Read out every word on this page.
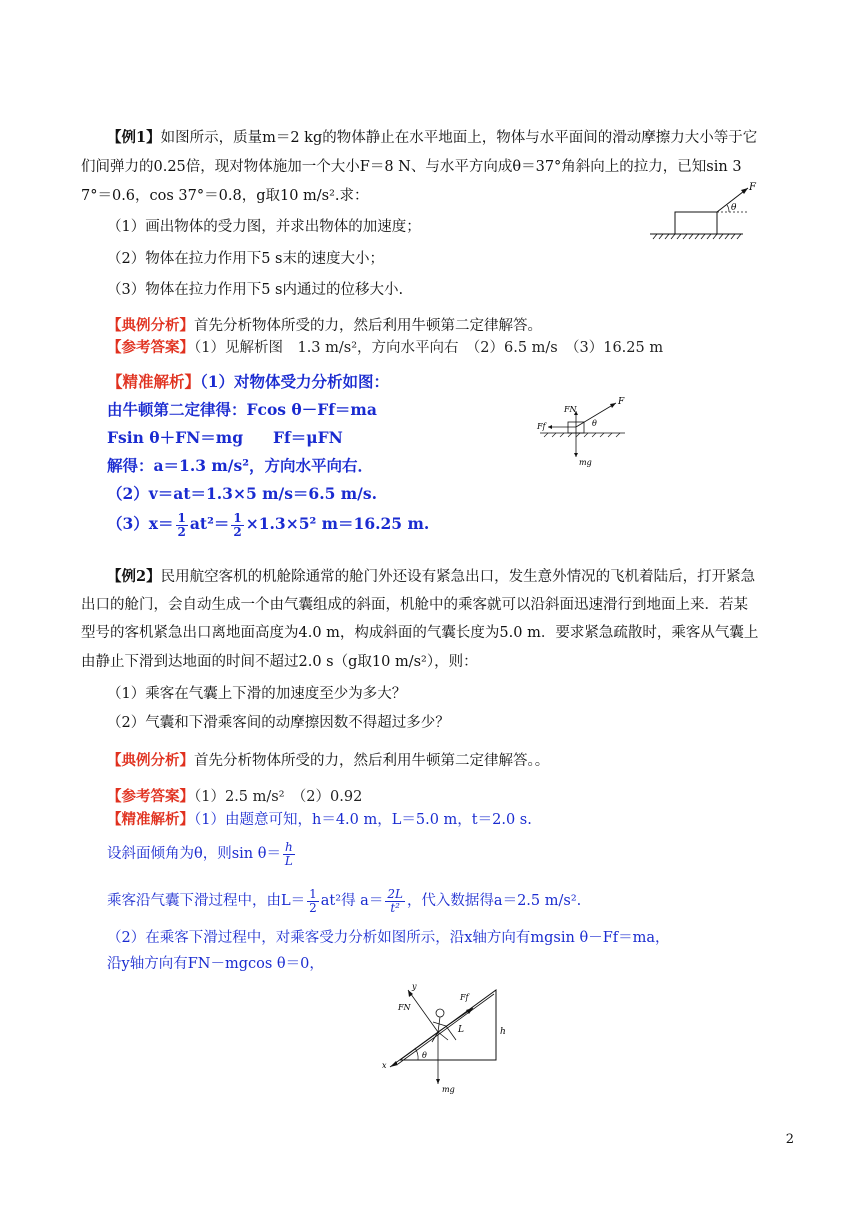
【例1】如图所示，质量m＝2 kg的物体静止在水平地面上，物体与水平面间的滑动摩擦力大小等于它
们间弹力的0.25倍，现对物体施加一个大小F＝8 N、与水平方向成θ＝37°角斜向上的拉力，已知sin 3
7°＝0.6，cos 37°＝0.8，g取10 m/s².求：
（1）画出物体的受力图，并求出物体的加速度；
（2）物体在拉力作用下5 s末的速度大小；
（3）物体在拉力作用下5 s内通过的位移大小.
F
θ
【典例分析】首先分析物体所受的力，然后利用牛顿第二定律解答。
【参考答案】（1）见解析图　1.3 m/s²，方向水平向右　（2）6.5 m/s　（3）16.25 m
【精准解析】（1）对物体受力分析如图：
由牛顿第二定律得：Fcos θ－Ff＝ma
Fsin θ＋FN＝mg Ff＝μFN
解得：a＝1.3 m/s²，方向水平向右．
（2）v＝at＝1.3×5 m/s＝6.5 m/s.
$(3)x= \frac{1}{2} at^2= \frac{1}{2} \times 1.3\times 5^2$ m＝16.25 m.
Ff
FN
F
θ
mg
【例2】民用航空客机的机舱除通常的舱门外还设有紧急出口，发生意外情况的飞机着陆后，打开紧急
出口的舱门，会自动生成一个由气囊组成的斜面，机舱中的乘客就可以沿斜面迅速滑行到地面上来．若某
型号的客机紧急出口离地面高度为4.0 m，构成斜面的气囊长度为5.0 m．要求紧急疏散时，乘客从气囊上
由静止下滑到达地面的时间不超过2.0 s（g取10 m/s²），则：
（1）乘客在气囊上下滑的加速度至少为多大？
（2）气囊和下滑乘客间的动摩擦因数不得超过多少？
【典例分析】首先分析物体所受的力，然后利用牛顿第二定律解答。。
【参考答案】（1）2.5 m/s²　（2）0.92
【精准解析】（1）由题意可知，h＝4.0 m，L＝5.0 m，t＝2.0 s.
设斜面倾角为θ，则$\sin \theta= \frac{h}{L}$
乘客沿气囊下滑过程中，由$L= \frac{1}{2} at^2$得 $a= \frac{2L}{\text{t²}}$ ，代入数据得a＝2.5 m/s².
（2）在乘客下滑过程中，对乘客受力分析如图所示，沿x轴方向有mgsin θ－Ff＝ma，
沿y轴方向有FN－mgcos θ＝0，
y
x
FN
Ff
L	h
θ
mg
2
